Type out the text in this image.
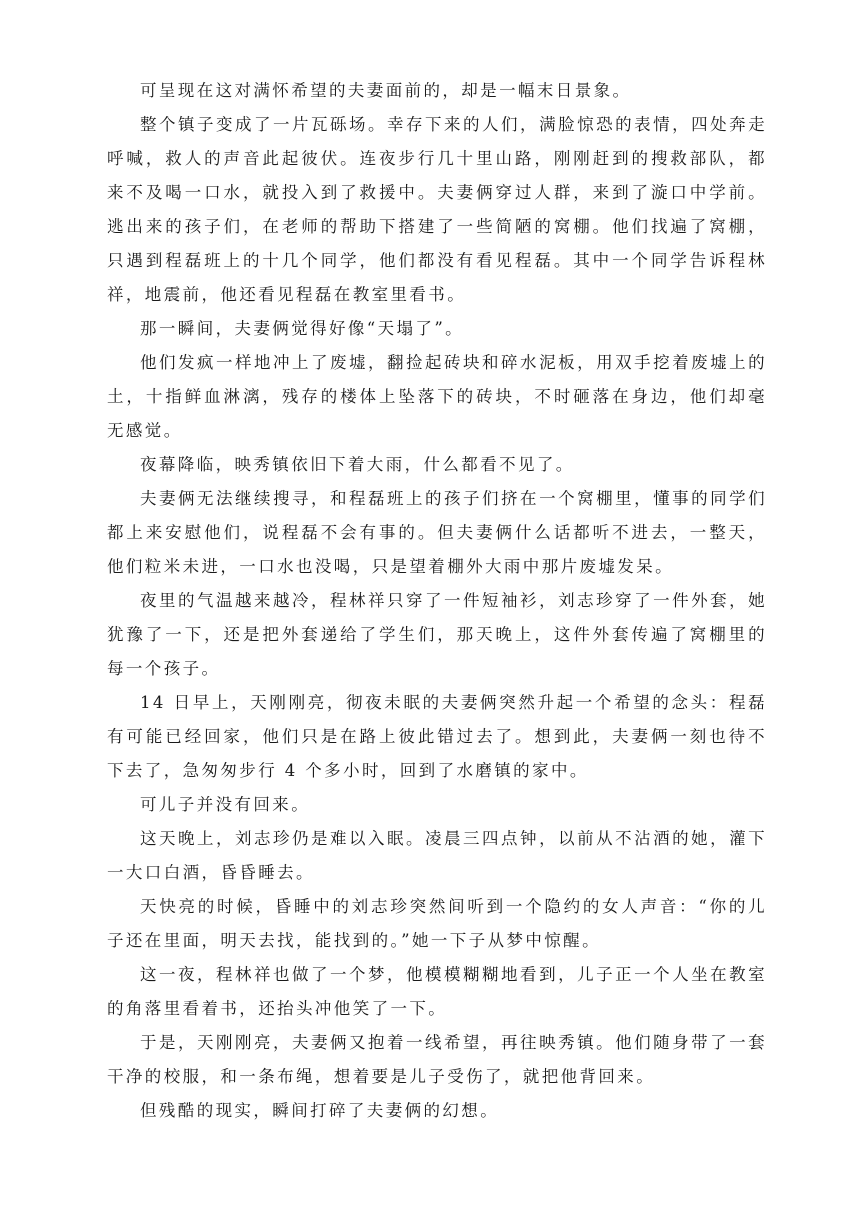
可呈现在这对满怀希望的夫妻面前的，却是一幅末日景象。

整个镇子变成了一片瓦砾场。幸存下来的人们，满脸惊恐的表情，四处奔走呼喊，救人的声音此起彼伏。连夜步行几十里山路，刚刚赶到的搜救部队，都来不及喝一口水，就投入到了救援中。夫妻俩穿过人群，来到了漩口中学前。逃出来的孩子们，在老师的帮助下搭建了一些简陋的窝棚。他们找遍了窝棚，只遇到程磊班上的十几个同学，他们都没有看见程磊。其中一个同学告诉程林祥，地震前，他还看见程磊在教室里看书。

那一瞬间，夫妻俩觉得好像“天塌了”。

他们发疯一样地冲上了废墟，翻捡起砖块和碎水泥板，用双手挖着废墟上的土，十指鲜血淋漓，残存的楼体上坠落下的砖块，不时砸落在身边，他们却毫无感觉。

夜幕降临，映秀镇依旧下着大雨，什么都看不见了。

夫妻俩无法继续搜寻，和程磊班上的孩子们挤在一个窝棚里，懂事的同学们都上来安慰他们，说程磊不会有事的。但夫妻俩什么话都听不进去，一整天，他们粒米未进，一口水也没喝，只是望着棚外大雨中那片废墟发呆。

夜里的气温越来越冷，程林祥只穿了一件短袖衫，刘志珍穿了一件外套，她犹豫了一下，还是把外套递给了学生们，那天晚上，这件外套传遍了窝棚里的每一个孩子。

14 日早上，天刚刚亮，彻夜未眠的夫妻俩突然升起一个希望的念头：程磊有可能已经回家，他们只是在路上彼此错过去了。想到此，夫妻俩一刻也待不下去了，急匆匆步行 4 个多小时，回到了水磨镇的家中。

可儿子并没有回来。

这天晚上，刘志珍仍是难以入眠。凌晨三四点钟，以前从不沾酒的她，灌下一大口白酒，昏昏睡去。

天快亮的时候，昏睡中的刘志珍突然间听到一个隐约的女人声音：“你的儿子还在里面，明天去找，能找到的。”她一下子从梦中惊醒。

这一夜，程林祥也做了一个梦，他模模糊糊地看到，儿子正一个人坐在教室的角落里看着书，还抬头冲他笑了一下。

于是，天刚刚亮，夫妻俩又抱着一线希望，再往映秀镇。他们随身带了一套干净的校服，和一条布绳，想着要是儿子受伤了，就把他背回来。

但残酷的现实，瞬间打碎了夫妻俩的幻想。
